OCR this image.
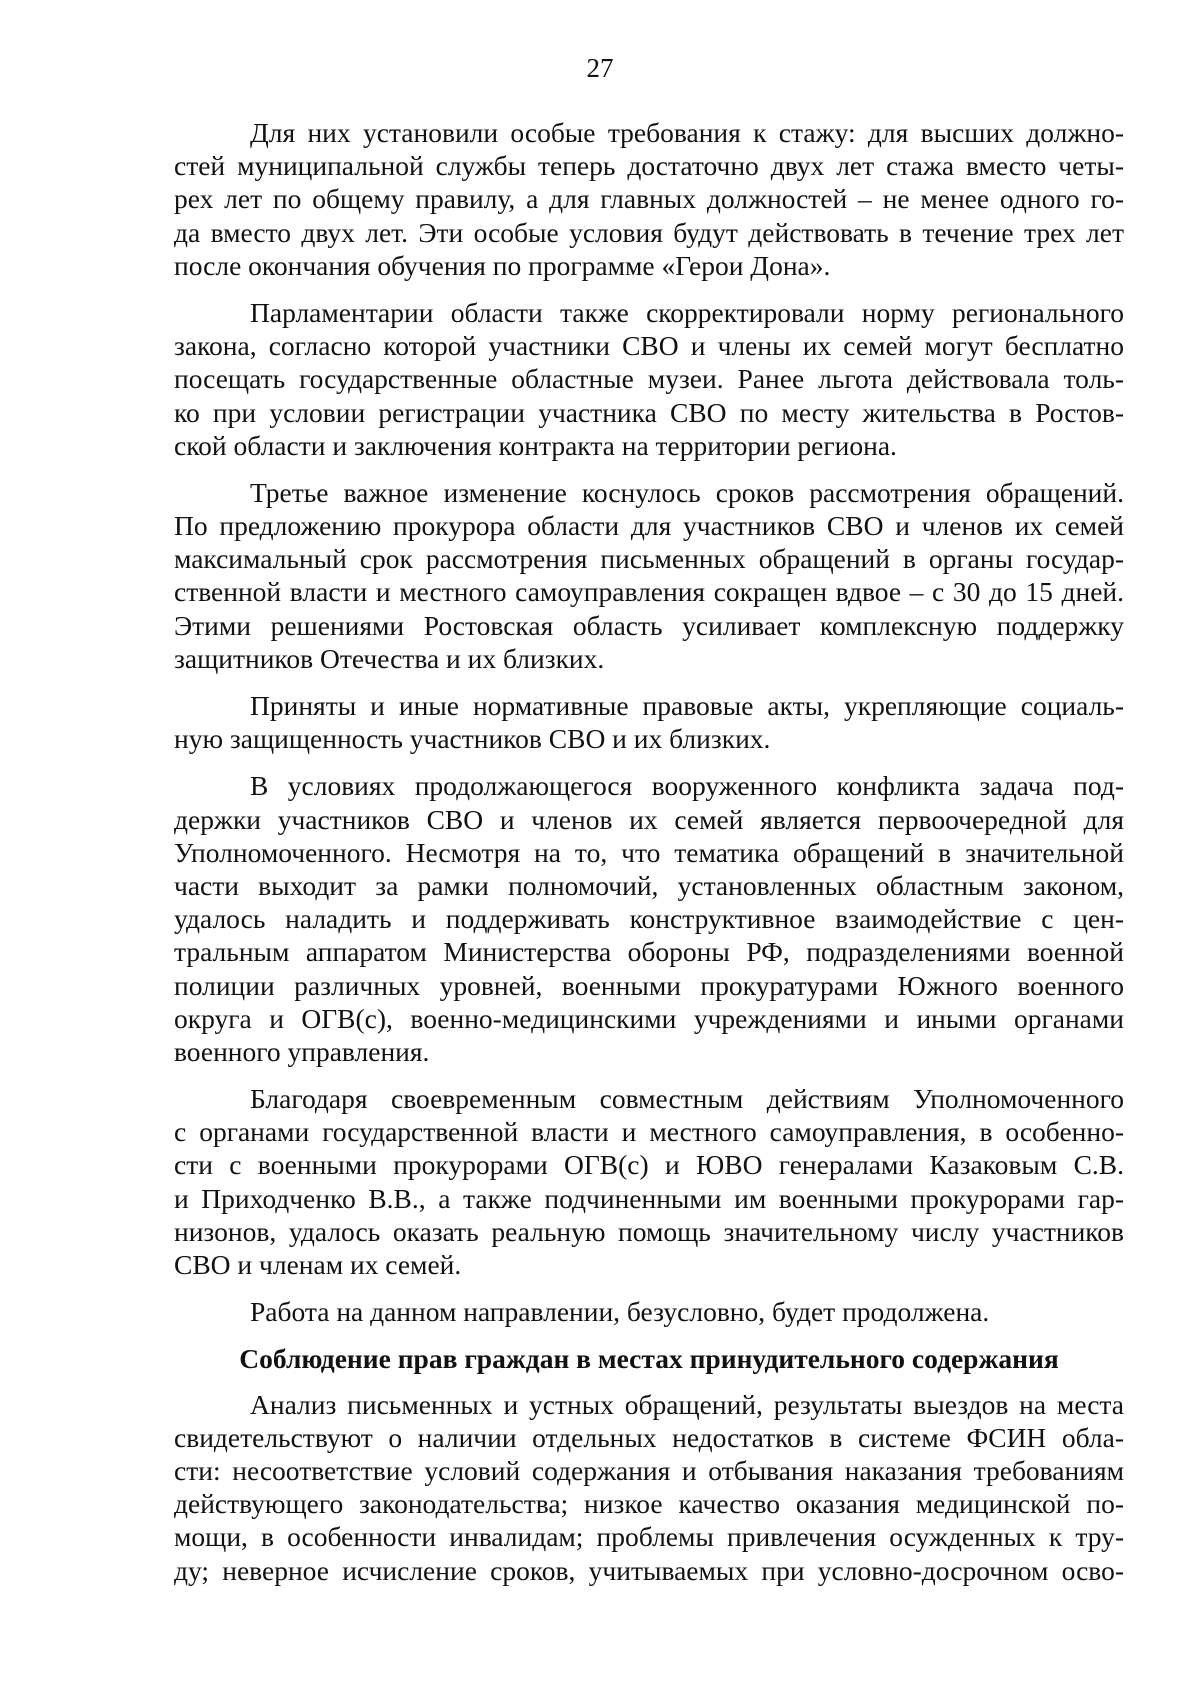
27
Для них установили особые требования к стажу: для высших должно-
стей муниципальной службы теперь достаточно двух лет стажа вместо четы-
рех лет по общему правилу, а для главных должностей – не менее одного го-
да вместо двух лет. Эти особые условия будут действовать в течение трех лет
после окончания обучения по программе «Герои Дона».
Парламентарии области также скорректировали норму регионального
закона, согласно которой участники СВО и члены их семей могут бесплатно
посещать государственные областные музеи. Ранее льгота действовала толь-
ко при условии регистрации участника СВО по месту жительства в Ростов-
ской области и заключения контракта на территории региона.
Третье важное изменение коснулось сроков рассмотрения обращений.
По предложению прокурора области для участников СВО и членов их семей
максимальный срок рассмотрения письменных обращений в органы государ-
ственной власти и местного самоуправления сокращен вдвое – с 30 до 15 дней.
Этими решениями Ростовская область усиливает комплексную поддержку
защитников Отечества и их близких.
Приняты и иные нормативные правовые акты, укрепляющие социаль-
ную защищенность участников СВО и их близких.
В условиях продолжающегося вооруженного конфликта задача под-
держки участников СВО и членов их семей является первоочередной для
Уполномоченного. Несмотря на то, что тематика обращений в значительной
части выходит за рамки полномочий, установленных областным законом,
удалось наладить и поддерживать конструктивное взаимодействие с цен-
тральным аппаратом Министерства обороны РФ, подразделениями военной
полиции различных уровней, военными прокуратурами Южного военного
округа и ОГВ(с), военно-медицинскими учреждениями и иными органами
военного управления.
Благодаря своевременным совместным действиям Уполномоченного
с органами государственной власти и местного самоуправления, в особенно-
сти с военными прокурорами ОГВ(с) и ЮВО генералами Казаковым С.В.
и Приходченко В.В., а также подчиненными им военными прокурорами гар-
низонов, удалось оказать реальную помощь значительному числу участников
СВО и членам их семей.
Работа на данном направлении, безусловно, будет продолжена.
Соблюдение прав граждан в местах принудительного содержания
Анализ письменных и устных обращений, результаты выездов на места
свидетельствуют о наличии отдельных недостатков в системе ФСИН обла-
сти: несоответствие условий содержания и отбывания наказания требованиям
действующего законодательства; низкое качество оказания медицинской по-
мощи, в особенности инвалидам; проблемы привлечения осужденных к тру-
ду; неверное исчисление сроков, учитываемых при условно-досрочном осво-
